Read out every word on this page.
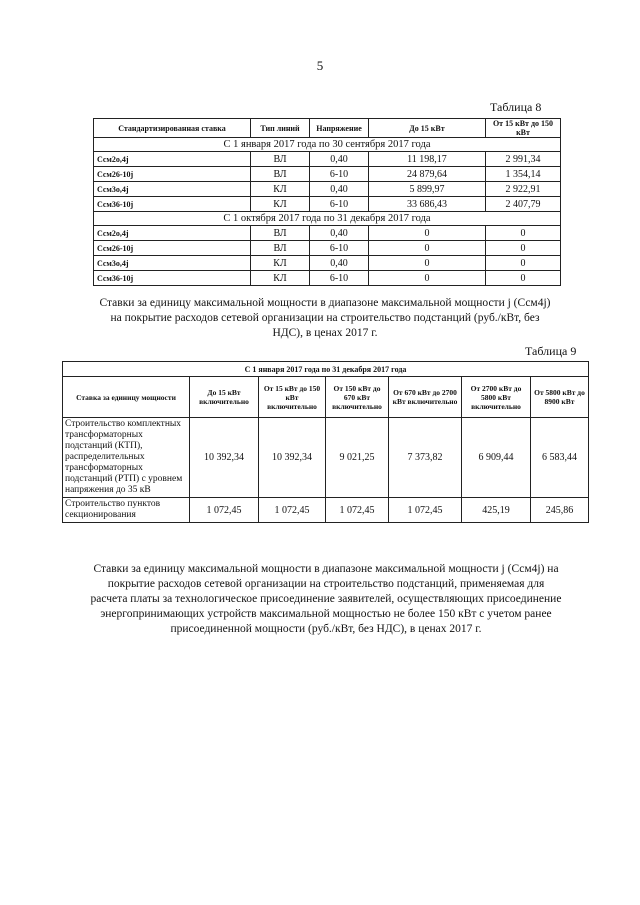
5
Таблица 8
Стандартизированная ставка	Тип линий	Напряжение	До 15 кВт	От 15 кВт до 150 кВт
С 1 января 2017 года по 30 сентября 2017 года				
Ссм2о,4j	ВЛ	0,40	11 198,17	2 991,34
Ссм26-10j	ВЛ	6-10	24 879,64	1 354,14
Ссм3о,4j	КЛ	0,40	5 899,97	2 922,91
Ссм36-10j	КЛ	6-10	33 686,43	2 407,79
С 1 октября 2017 года по 31 декабря 2017 года				
Ссм2о,4j	ВЛ	0,40	0	0
Ссм26-10j	ВЛ	6-10	0	0
Ссм3о,4j	КЛ	0,40	0	0
Ссм36-10j	КЛ	6-10	0	0
Ставки за единицу максимальной мощности в диапазоне максимальной мощности j (Ссм4j) на покрытие расходов сетевой организации на строительство подстанций (руб./кВт, без НДС), в ценах 2017 г.
Таблица 9
С 1 января 2017 года по 31 декабря 2017 года						
Ставка за единицу мощности	До 15 кВт включительно	От 15 кВт до 150 кВт включительно	От 150 кВт до 670 кВт включительно	От 670 кВт до 2700 кВт включительно	От 2700 кВт до 5800 кВт включительно	От 5800 кВт до 8900 кВт
Строительство комплектных трансформаторных подстанций (КТП), распределительных трансформаторных подстанций (РТП) с уровнем напряжения до 35 кВ	10 392,34	10 392,34	9 021,25	7 373,82	6 909,44	6 583,44
Строительство пунктов секционирования	1 072,45	1 072,45	1 072,45	1 072,45	425,19	245,86
Ставки за единицу максимальной мощности в диапазоне максимальной мощности j (Ссм4j) на покрытие расходов сетевой организации на строительство подстанций, применяемая для расчета платы за технологическое присоединение заявителей, осуществляющих присоединение энергопринимающих устройств максимальной мощностью не более 150 кВт с учетом ранее присоединенной мощности (руб./кВт, без НДС), в ценах 2017 г.
